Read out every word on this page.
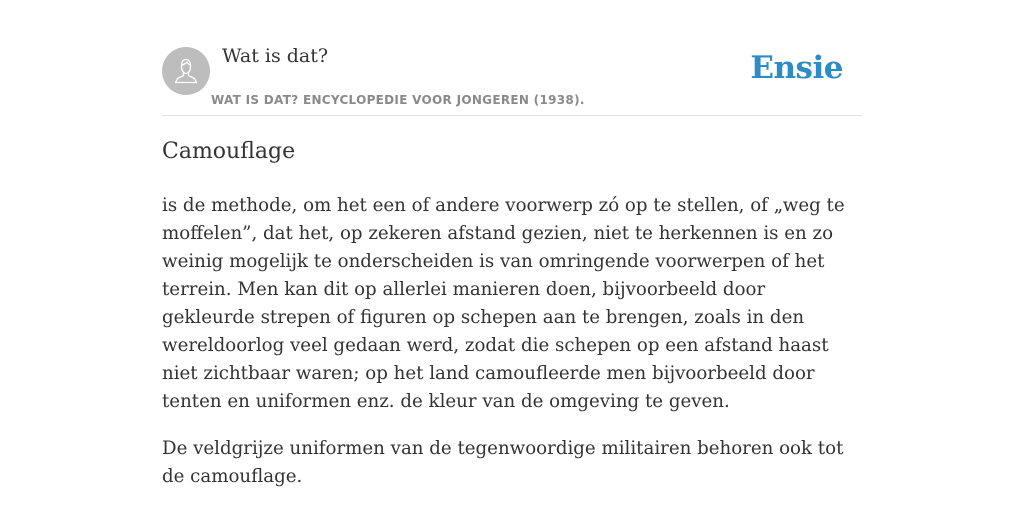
Wat is dat?
WAT IS DAT? ENCYCLOPEDIE VOOR JONGEREN (1938).
Ensie
Camouflage

is de methode, om het een of andere voorwerp zó op te stellen, of „weg te moffelen”, dat het, op zekeren afstand gezien, niet te herkennen is en zo weinig mogelijk te onderscheiden is van omringende voorwerpen of het terrein. Men kan dit op allerlei manieren doen, bijvoorbeeld door gekleurde strepen of figuren op schepen aan te brengen, zoals in den wereldoorlog veel gedaan werd, zodat die schepen op een afstand haast niet zichtbaar waren; op het land camoufleerde men bijvoorbeeld door tenten en uniformen enz. de kleur van de omgeving te geven.

De veldgrijze uniformen van de tegenwoordige militairen behoren ook tot de camouflage.
